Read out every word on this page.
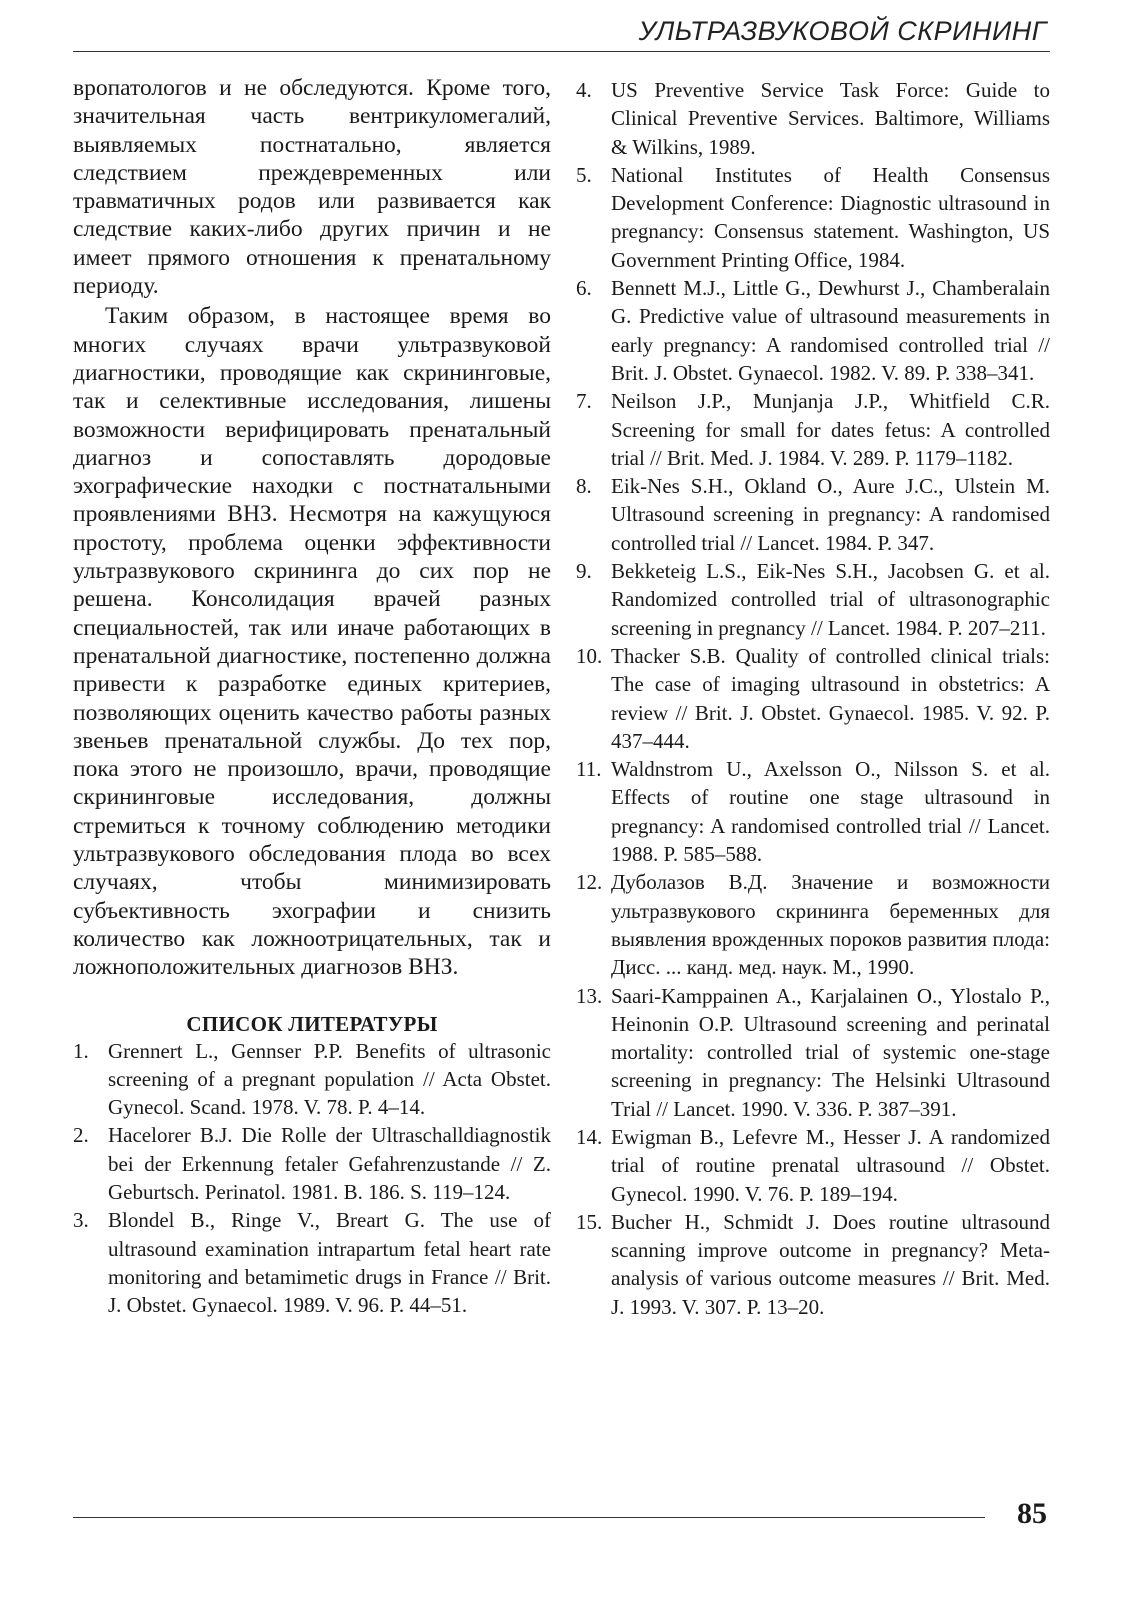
УЛЬТРАЗВУКОВОЙ СКРИНИНГ

вропатологов и не обследуются. Кроме того, значительная часть вентрикуломегалий, выявляемых постнатально, является следствием преждевременных или травматичных родов или развивается как следствие каких-либо других причин и не имеет прямого отношения к пренатальному периоду.

Таким образом, в настоящее время во многих случаях врачи ультразвуковой диагностики, проводящие как скрининговые, так и селективные исследования, лишены возможности верифицировать пренатальный диагноз и сопоставлять дородовые эхографические находки с постнатальными проявлениями ВНЗ. Несмотря на кажущуюся простоту, проблема оценки эффективности ультразвукового скрининга до сих пор не решена. Консолидация врачей разных специальностей, так или иначе работающих в пренатальной диагностике, постепенно должна привести к разработке единых критериев, позволяющих оценить качество работы разных звеньев пренатальной службы. До тех пор, пока этого не произошло, врачи, проводящие скрининговые исследования, должны стремиться к точному соблюдению методики ультразвукового обследования плода во всех случаях, чтобы минимизировать субъективность эхографии и снизить количество как ложноотрицательных, так и ложноположительных диагнозов ВНЗ.

СПИСОК ЛИТЕРАТУРЫ
1. Grennert L., Gennser P.P. Benefits of ultrasonic screening of a pregnant population // Acta Obstet. Gynecol. Scand. 1978. V. 78. P. 4–14.
2. Hacelorer B.J. Die Rolle der Ultraschalldiagnostik bei der Erkennung fetaler Gefahrenzustande // Z. Geburtsch. Perinatol. 1981. B. 186. S. 119–124.
3. Blondel B., Ringe V., Breart G. The use of ultrasound examination intrapartum fetal heart rate monitoring and betamimetic drugs in France // Brit. J. Obstet. Gynaecol. 1989. V. 96. P. 44–51.
4. US Preventive Service Task Force: Guide to Clinical Preventive Services. Baltimore, Williams & Wilkins, 1989.
5. National Institutes of Health Consensus Development Conference: Diagnostic ultrasound in pregnancy: Consensus statement. Washington, US Government Printing Office, 1984.
6. Bennett M.J., Little G., Dewhurst J., Chamberalain G. Predictive value of ultrasound measurements in early pregnancy: A randomised controlled trial // Brit. J. Obstet. Gynaecol. 1982. V. 89. P. 338–341.
7. Neilson J.P., Munjanja J.P., Whitfield C.R. Screening for small for dates fetus: A controlled trial // Brit. Med. J. 1984. V. 289. P. 1179–1182.
8. Eik-Nes S.H., Okland O., Aure J.C., Ulstein M. Ultrasound screening in pregnancy: A randomised controlled trial // Lancet. 1984. P. 347.
9. Bekketeig L.S., Eik-Nes S.H., Jacobsen G. et al. Randomized controlled trial of ultrasonographic screening in pregnancy // Lancet. 1984. P. 207–211.
10. Thacker S.B. Quality of controlled clinical trials: The case of imaging ultrasound in obstetrics: A review // Brit. J. Obstet. Gynaecol. 1985. V. 92. P. 437–444.
11. Waldnstrom U., Axelsson O., Nilsson S. et al. Effects of routine one stage ultrasound in pregnancy: A randomised controlled trial // Lancet. 1988. P. 585–588.
12. Дуболазов В.Д. Значение и возможности ультразвукового скрининга беременных для выявления врожденных пороков развития плода: Дисс. ... канд. мед. наук. М., 1990.
13. Saari-Kamppainen A., Karjalainen O., Ylostalo P., Heinonin O.P. Ultrasound screening and perinatal mortality: controlled trial of systemic one-stage screening in pregnancy: The Helsinki Ultrasound Trial // Lancet. 1990. V. 336. P. 387–391.
14. Ewigman B., Lefevre M., Hesser J. A randomized trial of routine prenatal ultrasound // Obstet. Gynecol. 1990. V. 76. P. 189–194.
15. Bucher H., Schmidt J. Does routine ultrasound scanning improve outcome in pregnancy? Meta-analysis of various outcome measures // Brit. Med. J. 1993. V. 307. P. 13–20.
85
